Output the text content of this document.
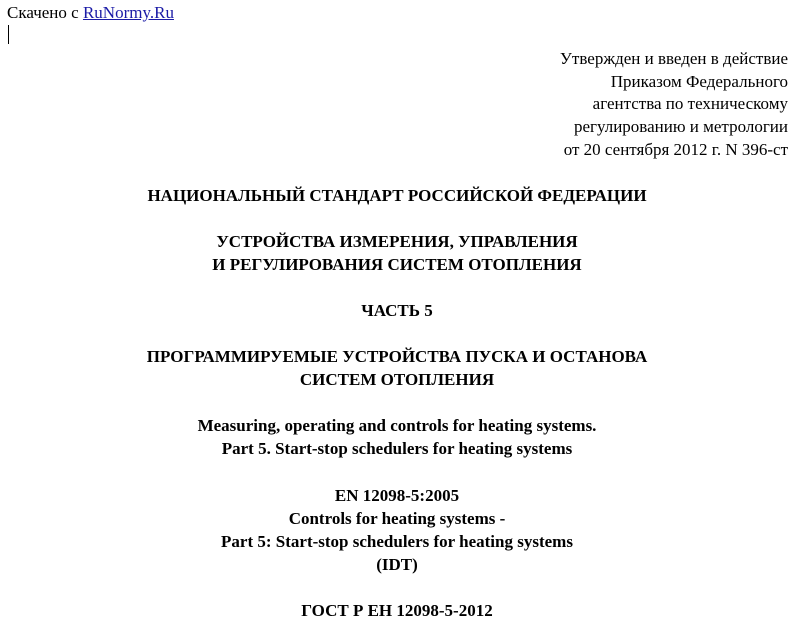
Скачено с RuNormy.Ru
Утвержден и введен в действие
Приказом Федерального
агентства по техническому
регулированию и метрологии
от 20 сентября 2012 г. N 396-ст
НАЦИОНАЛЬНЫЙ СТАНДАРТ РОССИЙСКОЙ ФЕДЕРАЦИИ
УСТРОЙСТВА ИЗМЕРЕНИЯ, УПРАВЛЕНИЯ
И РЕГУЛИРОВАНИЯ СИСТЕМ ОТОПЛЕНИЯ
ЧАСТЬ 5
ПРОГРАММИРУЕМЫЕ УСТРОЙСТВА ПУСКА И ОСТАНОВА
СИСТЕМ ОТОПЛЕНИЯ
Measuring, operating and controls for heating systems.
Part 5. Start-stop schedulers for heating systems
EN 12098-5:2005
Controls for heating systems -
Part 5: Start-stop schedulers for heating systems
(IDT)
ГОСТ Р ЕН 12098-5-2012
